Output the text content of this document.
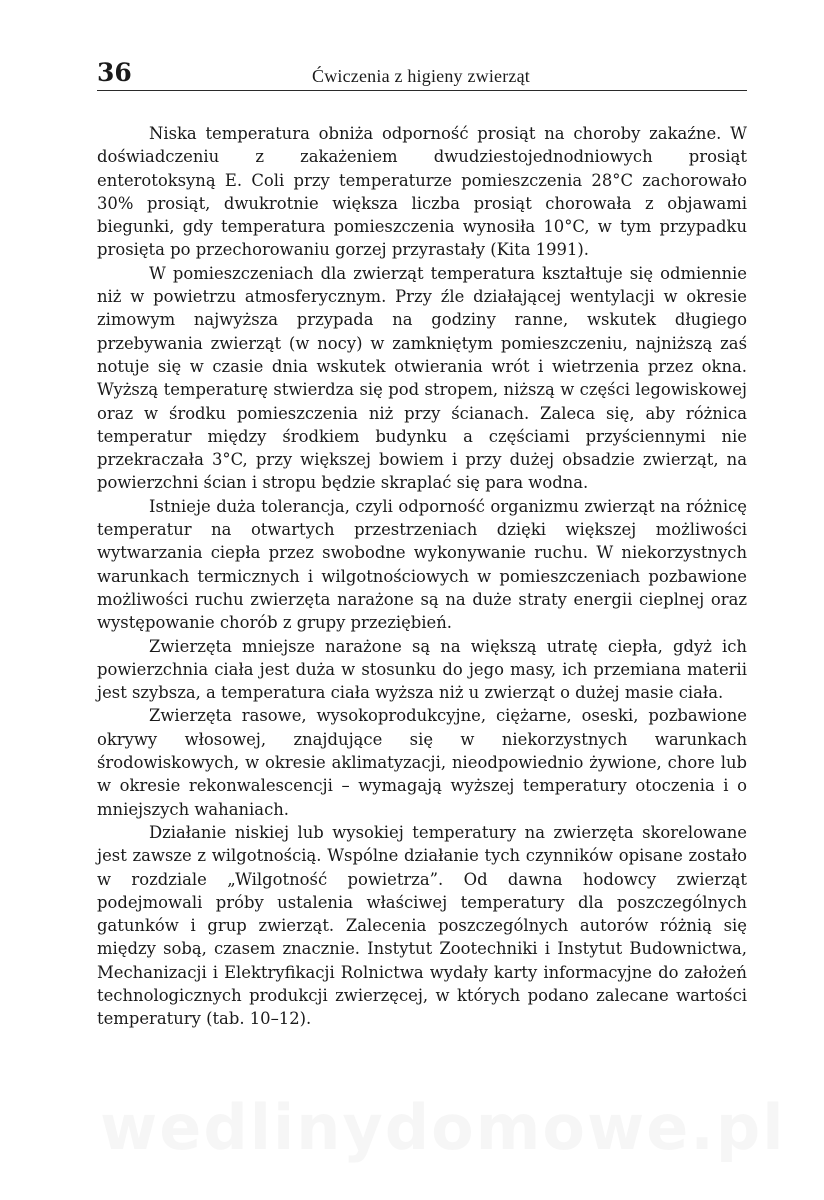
36	Ćwiczenia z higieny zwierząt

Niska temperatura obniża odporność prosiąt na choroby zakaźne. W doświadczeniu z zakażeniem dwudziestojednodniowych prosiąt enterotoksyną E. Coli przy temperaturze pomieszczenia 28°C zachorowało 30% prosiąt, dwukrotnie większa liczba prosiąt chorowała z objawami biegunki, gdy temperatura pomieszczenia wynosiła 10°C, w tym przypadku prosięta po przechorowaniu gorzej przyrastały (Kita 1991).

W pomieszczeniach dla zwierząt temperatura kształtuje się odmiennie niż w powietrzu atmosferycznym. Przy źle działającej wentylacji w okresie zimowym najwyższa przypada na godziny ranne, wskutek długiego przebywania zwierząt (w nocy) w zamkniętym pomieszczeniu, najniższą zaś notuje się w czasie dnia wskutek otwierania wrót i wietrzenia przez okna. Wyższą temperaturę stwierdza się pod stropem, niższą w części legowiskowej oraz w środku pomieszczenia niż przy ścianach. Zaleca się, aby różnica temperatur między środkiem budynku a częściami przyściennymi nie przekraczała 3°C, przy większej bowiem i przy dużej obsadzie zwierząt, na powierzchni ścian i stropu będzie skraplać się para wodna.

Istnieje duża tolerancja, czyli odporność organizmu zwierząt na różnicę temperatur na otwartych przestrzeniach dzięki większej możliwości wytwarzania ciepła przez swobodne wykonywanie ruchu. W niekorzystnych warunkach termicznych i wilgotnościowych w pomieszczeniach pozbawione możliwości ruchu zwierzęta narażone są na duże straty energii cieplnej oraz występowanie chorób z grupy przeziębień.

Zwierzęta mniejsze narażone są na większą utratę ciepła, gdyż ich powierzchnia ciała jest duża w stosunku do jego masy, ich przemiana materii jest szybsza, a temperatura ciała wyższa niż u zwierząt o dużej masie ciała.

Zwierzęta rasowe, wysokoprodukcyjne, ciężarne, oseski, pozbawione okrywy włosowej, znajdujące się w niekorzystnych warunkach środowiskowych, w okresie aklimatyzacji, nieodpowiednio żywione, chore lub w okresie rekonwalescencji – wymagają wyższej temperatury otoczenia i o mniejszych wahaniach.

Działanie niskiej lub wysokiej temperatury na zwierzęta skorelowane jest zawsze z wilgotnością. Wspólne działanie tych czynników opisane zostało w rozdziale „Wilgotność powietrza”. Od dawna hodowcy zwierząt podejmowali próby ustalenia właściwej temperatury dla poszczególnych gatunków i grup zwierząt. Zalecenia poszczególnych autorów różnią się między sobą, czasem znacznie. Instytut Zootechniki i Instytut Budownictwa, Mechanizacji i Elektryfikacji Rolnictwa wydały karty informacyjne do założeń technologicznych produkcji zwierzęcej, w których podano zalecane wartości temperatury (tab. 10–12).
